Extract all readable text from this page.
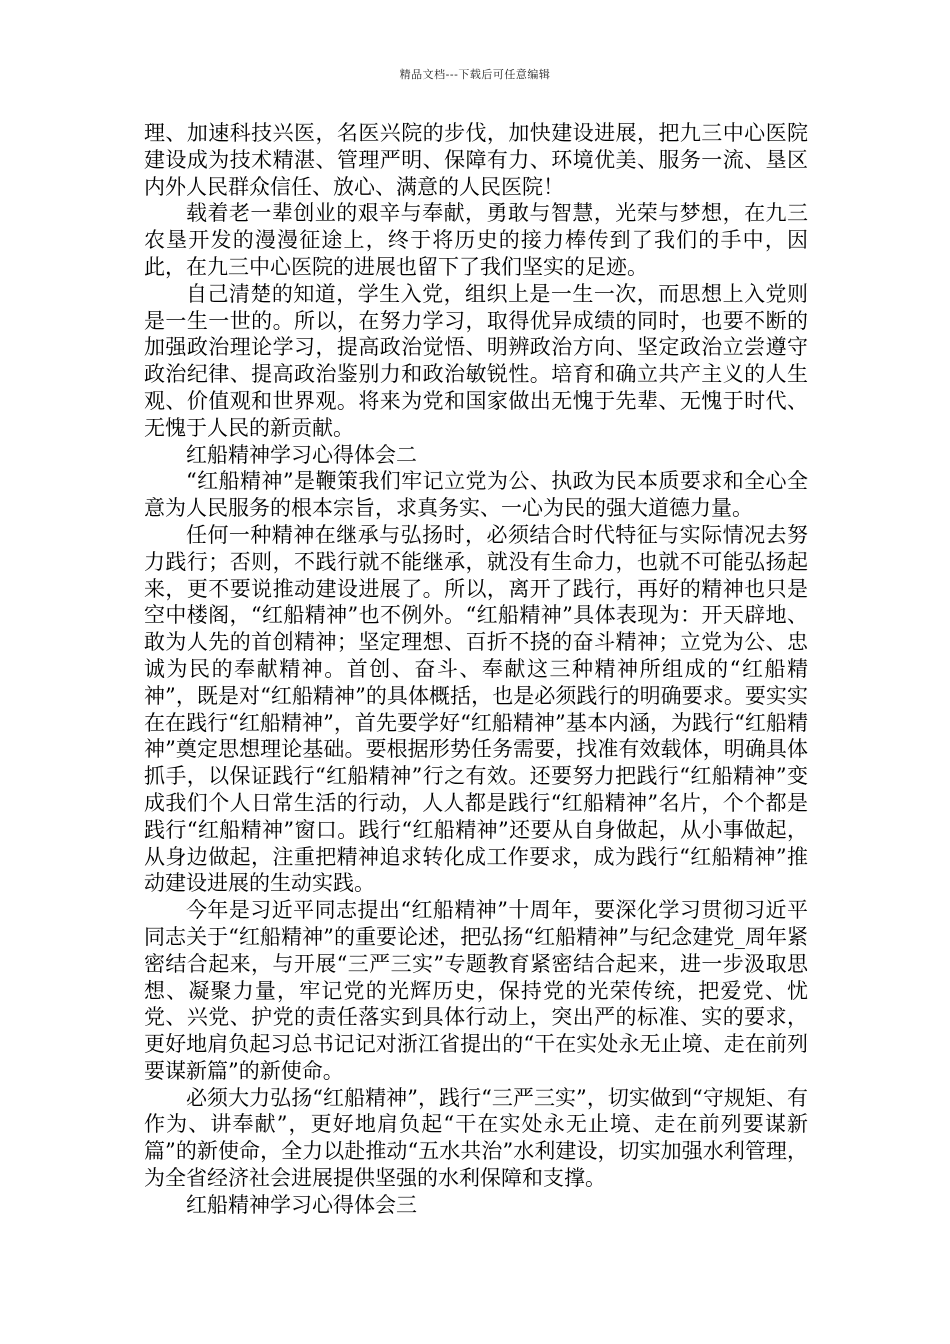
精品文档---下载后可任意编辑

理、加速科技兴医，名医兴院的步伐，加快建设进展，把九三中心医院建设成为技术精湛、管理严明、保障有力、环境优美、服务一流、垦区内外人民群众信任、放心、满意的人民医院！

载着老一辈创业的艰辛与奉献，勇敢与智慧，光荣与梦想，在九三农垦开发的漫漫征途上，终于将历史的接力棒传到了我们的手中，因此，在九三中心医院的进展也留下了我们坚实的足迹。

自己清楚的知道，学生入党，组织上是一生一次，而思想上入党则是一生一世的。所以，在努力学习，取得优异成绩的同时，也要不断的加强政治理论学习，提高政治觉悟、明辨政治方向、坚定政治立尝遵守政治纪律、提高政治鉴别力和政治敏锐性。培育和确立共产主义的人生观、价值观和世界观。将来为党和国家做出无愧于先辈、无愧于时代、无愧于人民的新贡献。

红船精神学习心得体会二

“红船精神”是鞭策我们牢记立党为公、执政为民本质要求和全心全意为人民服务的根本宗旨，求真务实、一心为民的强大道德力量。

任何一种精神在继承与弘扬时，必须结合时代特征与实际情况去努力践行；否则，不践行就不能继承，就没有生命力，也就不可能弘扬起来，更不要说推动建设进展了。所以，离开了践行，再好的精神也只是空中楼阁，“红船精神”也不例外。“红船精神”具体表现为：开天辟地、敢为人先的首创精神；坚定理想、百折不挠的奋斗精神；立党为公、忠诚为民的奉献精神。首创、奋斗、奉献这三种精神所组成的“红船精神”，既是对“红船精神”的具体概括，也是必须践行的明确要求。要实实在在践行“红船精神”，首先要学好“红船精神”基本内涵，为践行“红船精神”奠定思想理论基础。要根据形势任务需要，找准有效载体，明确具体抓手，以保证践行“红船精神”行之有效。还要努力把践行“红船精神”变成我们个人日常生活的行动，人人都是践行“红船精神”名片，个个都是践行“红船精神”窗口。践行“红船精神”还要从自身做起，从小事做起，从身边做起，注重把精神追求转化成工作要求，成为践行“红船精神”推动建设进展的生动实践。

今年是习近平同志提出“红船精神”十周年，要深化学习贯彻习近平同志关于“红船精神”的重要论述，把弘扬“红船精神”与纪念建党_周年紧密结合起来，与开展“三严三实”专题教育紧密结合起来，进一步汲取思想、凝聚力量，牢记党的光辉历史，保持党的光荣传统，把爱党、忧党、兴党、护党的责任落实到具体行动上，突出严的标准、实的要求，更好地肩负起习总书记记对浙江省提出的“干在实处永无止境、走在前列要谋新篇”的新使命。

必须大力弘扬“红船精神”，践行“三严三实”，切实做到“守规矩、有作为、讲奉献”，更好地肩负起“干在实处永无止境、走在前列要谋新篇”的新使命，全力以赴推动“五水共治”水利建设，切实加强水利管理，为全省经济社会进展提供坚强的水利保障和支撑。

红船精神学习心得体会三
